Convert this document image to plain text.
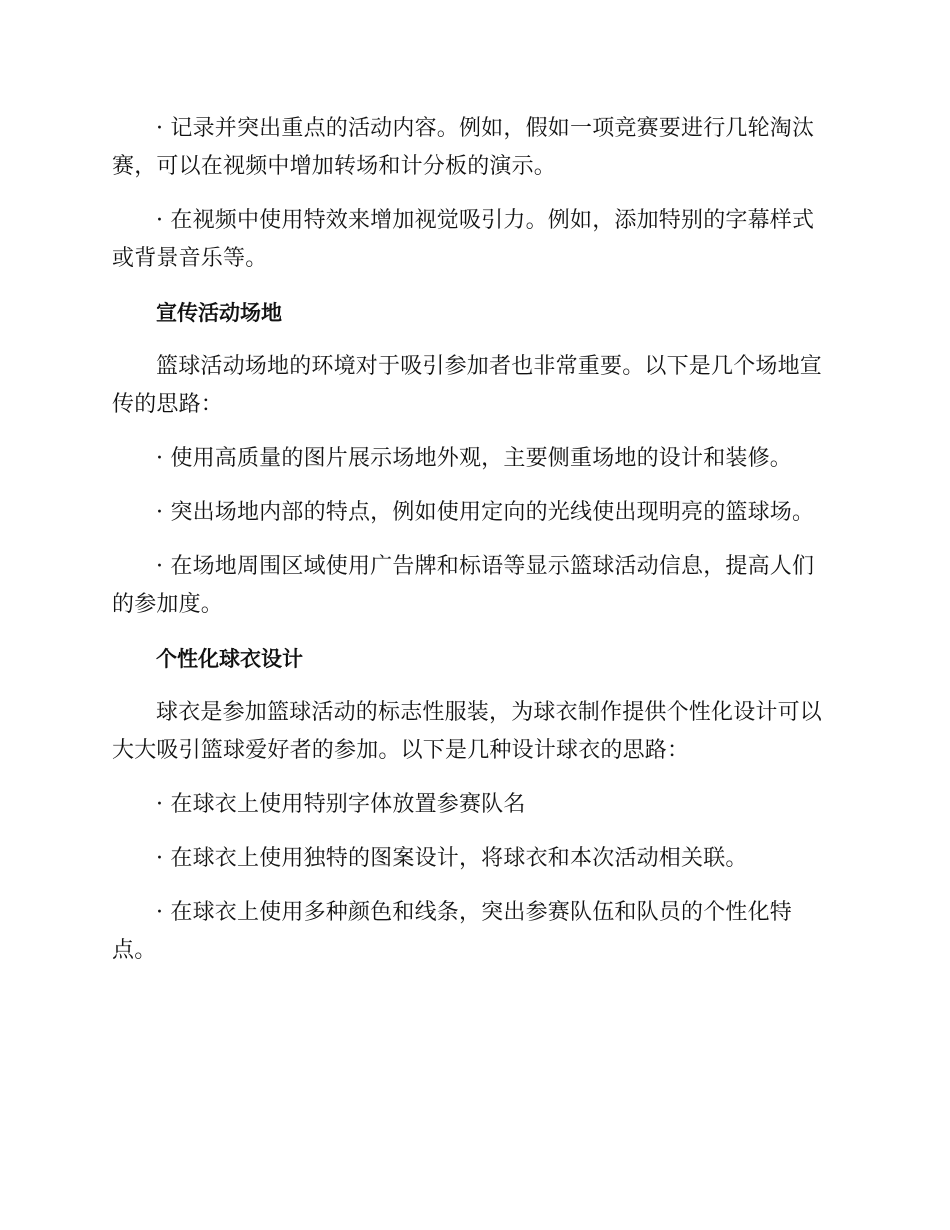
· 记录并突出重点的活动内容。例如，假如一项竞赛要进行几轮淘汰赛，可以在视频中增加转场和计分板的演示。

· 在视频中使用特效来增加视觉吸引力。例如，添加特别的字幕样式或背景音乐等。

宣传活动场地

篮球活动场地的环境对于吸引参加者也非常重要。以下是几个场地宣传的思路：

· 使用高质量的图片展示场地外观，主要侧重场地的设计和装修。

· 突出场地内部的特点，例如使用定向的光线使出现明亮的篮球场。

· 在场地周围区域使用广告牌和标语等显示篮球活动信息，提高人们的参加度。

个性化球衣设计

球衣是参加篮球活动的标志性服装，为球衣制作提供个性化设计可以大大吸引篮球爱好者的参加。以下是几种设计球衣的思路：

· 在球衣上使用特别字体放置参赛队名

· 在球衣上使用独特的图案设计，将球衣和本次活动相关联。

· 在球衣上使用多种颜色和线条，突出参赛队伍和队员的个性化特点。
